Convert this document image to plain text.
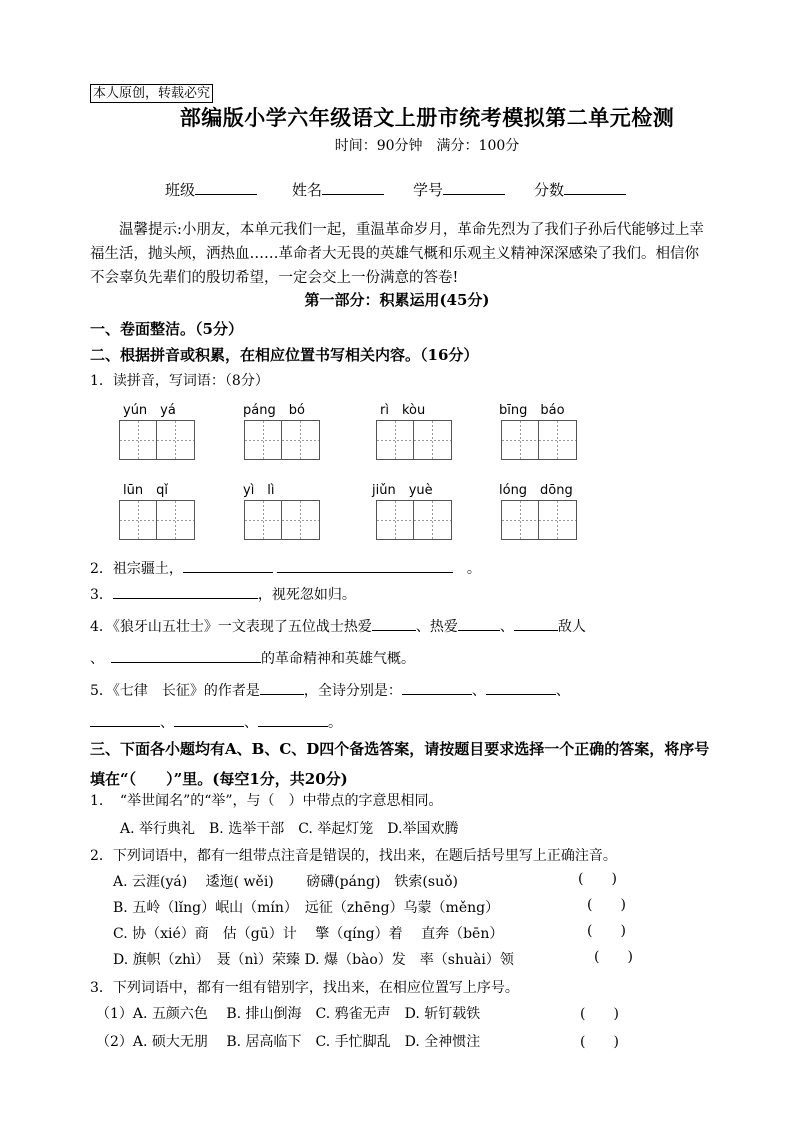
本人原创，转载必究
部编版小学六年级语文上册市统考模拟第二单元检测
时间：90分钟　满分：100分
班级	姓名	学号	分数
温馨提示:小朋友，本单元我们一起，重温革命岁月，革命先烈为了我们子孙后代能够过上幸福生活，抛头颅，洒热血……革命者大无畏的英雄气概和乐观主义精神深深感染了我们。相信你不会辜负先辈们的殷切希望，一定会交上一份满意的答卷!
第一部分：积累运用(45分)
一、卷面整洁。（5分）
二、根据拼音或积累，在相应位置书写相关内容。（16分）
1．读拼音，写词语：（8分）
yún　yá	páng　bó	rì　kòu	bīng　báo
lūn　qǐ	yì　lì	jiǔn　yuè	lóng　dōng
2．祖宗疆土，　	。
3．	，视死忽如归。
4．《狼牙山五壮士》一文表现了五位战士热爱	、热爱	、	敌人
、　	的革命精神和英雄气概。
5．《七律　长征》的作者是	，全诗分别是：	、	、
、	、	。
三、下面各小题均有A、B、C、D四个备选答案，请按题目要求选择一个正确的答案，将序号填在“（　　）”里。(每空1分，共20分)
1．　“举世闻名”的“举”，与（　）中带点的字意思相同。
A. 举行典礼　B. 选举干部　C. 举起灯笼　D.举国欢腾
2．下列词语中，都有一组带点注音是错误的，找出来，在题后括号里写上正确注音。
A. 云涯(yá)　 逶迤( wěi)　　 磅礴(páng)　铁索(suǒ)	(　　)
B. 五岭（lǐng）岷山（mín）　远征（zhēng）乌蒙（měng）	(　　)
C. 协（xié）商　估（gū）计　 擎（qíng）着　 直奔（bēn）	(　　)
D. 旗帜（zhì）　聂（nì）荣臻 D. 爆（bào）发　率（shuài）领	(　　)
3．下列词语中，都有一组有错别字，找出来，在相应位置写上序号。
（1）A. 五颜六色　 B. 排山倒海　C. 鸦雀无声　D. 斩钉载铁	(　　)
（2）A. 硕大无朋　 B. 居高临下　C. 手忙脚乱　D. 全神惯注	(　　)
